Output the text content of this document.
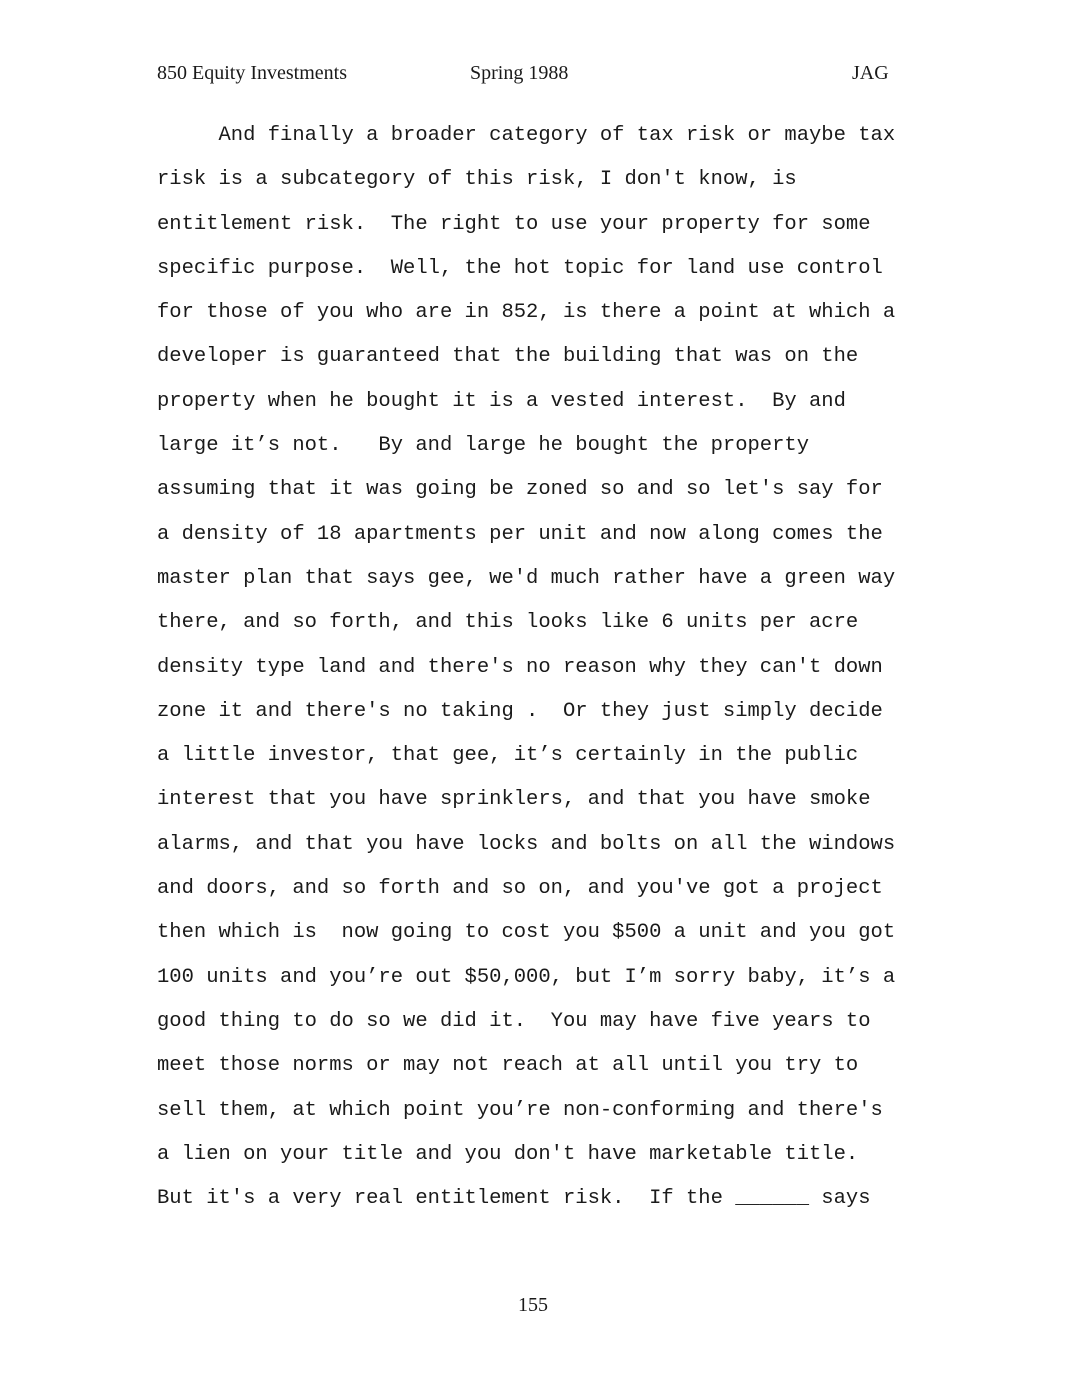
850 Equity Investments	Spring 1988	JAG
And finally a broader category of tax risk or maybe tax
risk is a subcategory of this risk, I don't know, is
entitlement risk.  The right to use your property for some
specific purpose.  Well, the hot topic for land use control
for those of you who are in 852, is there a point at which a
developer is guaranteed that the building that was on the
property when he bought it is a vested interest.  By and
large it’s not.   By and large he bought the property
assuming that it was going be zoned so and so let's say for
a density of 18 apartments per unit and now along comes the
master plan that says gee, we'd much rather have a green way
there, and so forth, and this looks like 6 units per acre
density type land and there's no reason why they can't down
zone it and there's no taking .  Or they just simply decide
a little investor, that gee, it’s certainly in the public
interest that you have sprinklers, and that you have smoke
alarms, and that you have locks and bolts on all the windows
and doors, and so forth and so on, and you've got a project
then which is  now going to cost you $500 a unit and you got
100 units and you’re out $50,000, but I’m sorry baby, it’s a
good thing to do so we did it.  You may have five years to
meet those norms or may not reach at all until you try to
sell them, at which point you’re non-conforming and there's
a lien on your title and you don't have marketable title.
But it's a very real entitlement risk.  If the ______ says
155
